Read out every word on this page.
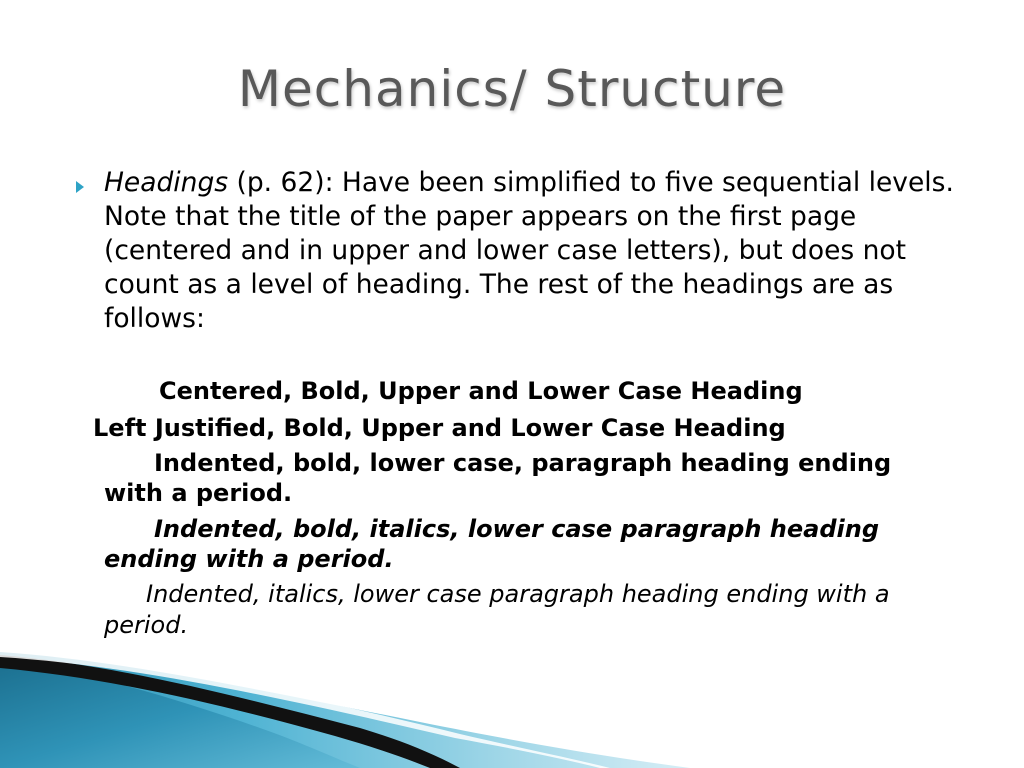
Mechanics/ Structure
Headings (p. 62): Have been simplified to five sequential levels. Note that the title of the paper appears on the first page (centered and in upper and lower case letters), but does not count as a level of heading. The rest of the headings are as follows:
Centered, Bold, Upper and Lower Case Heading
Left Justified, Bold, Upper and Lower Case Heading
Indented, bold, lower case, paragraph heading ending with a period.
Indented, bold, italics, lower case paragraph heading ending with a period.
Indented, italics, lower case paragraph heading ending with a period.
